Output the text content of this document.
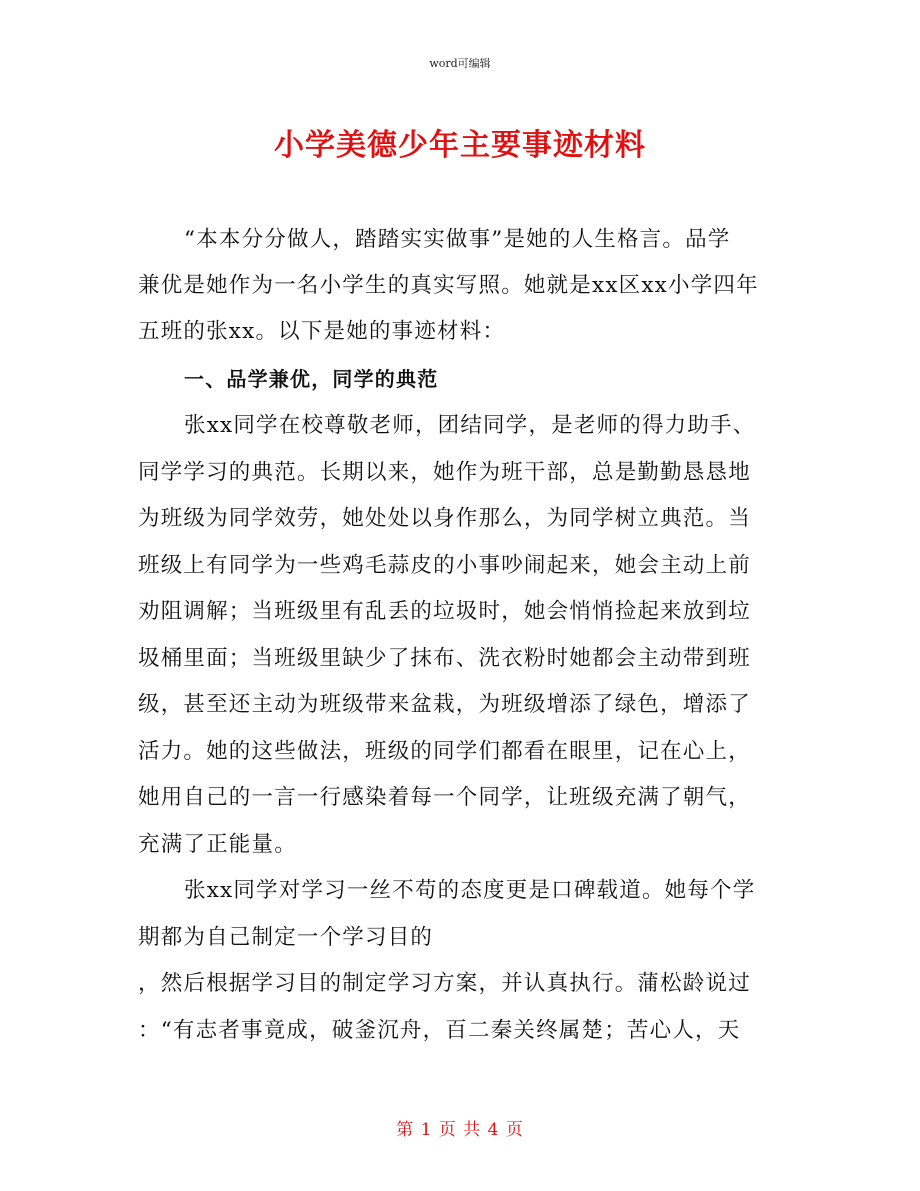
word可编辑
小学美德少年主要事迹材料
“本本分分做人，踏踏实实做事”是她的人生格言。品学
兼优是她作为一名小学生的真实写照。她就是xx区xx小学四年
五班的张xx。以下是她的事迹材料：
一、品学兼优，同学的典范
张xx同学在校尊敬老师，团结同学，是老师的得力助手、
同学学习的典范。长期以来，她作为班干部，总是勤勤恳恳地
为班级为同学效劳，她处处以身作那么，为同学树立典范。当
班级上有同学为一些鸡毛蒜皮的小事吵闹起来，她会主动上前
劝阻调解；当班级里有乱丢的垃圾时，她会悄悄捡起来放到垃
圾桶里面；当班级里缺少了抹布、洗衣粉时她都会主动带到班
级，甚至还主动为班级带来盆栽，为班级增添了绿色，增添了
活力。她的这些做法，班级的同学们都看在眼里，记在心上，
她用自己的一言一行感染着每一个同学，让班级充满了朝气，
充满了正能量。
张xx同学对学习一丝不苟的态度更是口碑载道。她每个学
期都为自己制定一个学习目的
，然后根据学习目的制定学习方案，并认真执行。蒲松龄说过
：“有志者事竟成，破釜沉舟，百二秦关终属楚；苦心人，天
第 1 页 共 4 页
